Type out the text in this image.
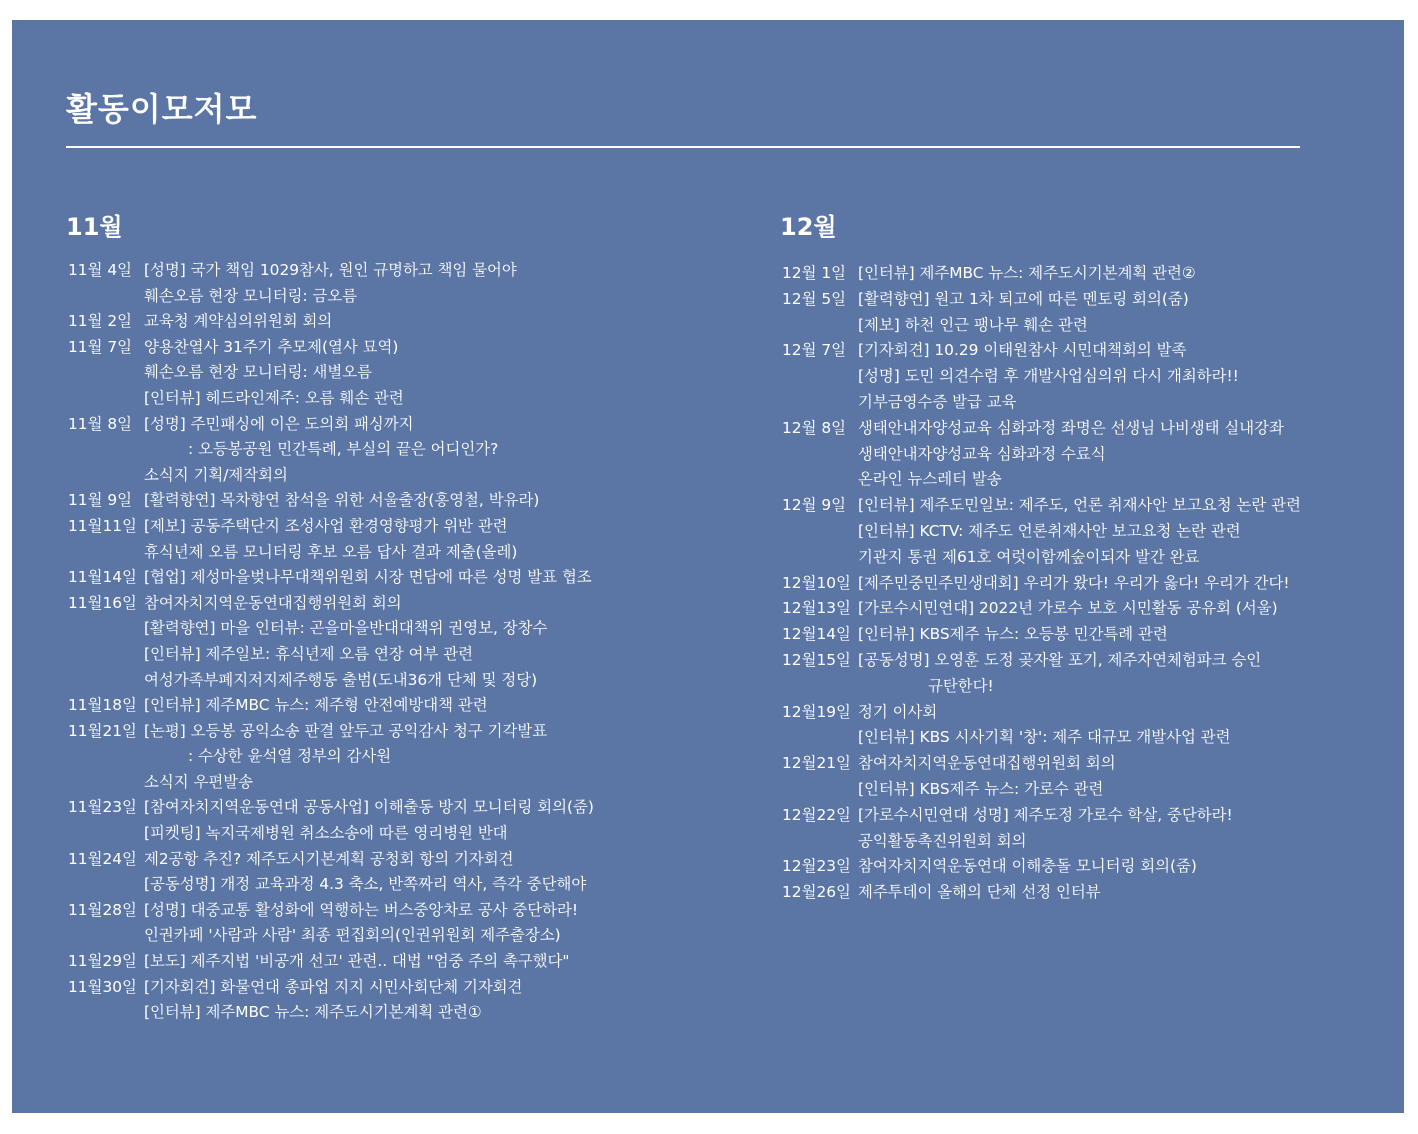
활동이모저모
11월
11월 4일 [성명] 국가 책임 1029참사, 원인 규명하고 책임 물어야
훼손오름 현장 모니터링: 금오름
11월 2일 교육청 계약심의위원회 회의
11월 7일 양용찬열사 31주기 추모제(열사 묘역)
훼손오름 현장 모니터링: 새별오름
[인터뷰] 헤드라인제주: 오름 훼손 관련
11월 8일 [성명] 주민패싱에 이은 도의회 패싱까지
: 오등봉공원 민간특례, 부실의 끝은 어디인가?
소식지 기획/제작회의
11월 9일 [활력향연] 목차향연 참석을 위한 서울출장(홍영철, 박유라)
11월11일 [제보] 공동주택단지 조성사업 환경영향평가 위반 관련
휴식년제 오름 모니터링 후보 오름 답사 결과 제출(올레)
11월14일 [협업] 제성마을벚나무대책위원회 시장 면담에 따른 성명 발표 협조
11월16일 참여자치지역운동연대집행위원회 회의
[활력향연] 마을 인터뷰: 곤을마을반대대책위 권영보, 장창수
[인터뷰] 제주일보: 휴식년제 오름 연장 여부 관련
여성가족부폐지저지제주행동 출범(도내36개 단체 및 정당)
11월18일 [인터뷰] 제주MBC 뉴스: 제주형 안전예방대책 관련
11월21일 [논평] 오등봉 공익소송 판결 앞두고 공익감사 청구 기각발표
: 수상한 윤석열 정부의 감사원
소식지 우편발송
11월23일 [참여자치지역운동연대 공동사업] 이해출동 방지 모니터링 회의(줌)
[피켓팅] 녹지국제병원 취소소송에 따른 영리병원 반대
11월24일 제2공항 추진? 제주도시기본계획 공청회 항의 기자회견
[공동성명] 개정 교육과정 4.3 축소, 반쪽짜리 역사, 즉각 중단해야
11월28일 [성명] 대중교통 활성화에 역행하는 버스중앙차로 공사 중단하라!
인권카페 '사람과 사람' 최종 편집회의(인권위원회 제주출장소)
11월29일 [보도] 제주지법 '비공개 선고' 관련.. 대법 "엄중 주의 촉구했다"
11월30일 [기자회견] 화물연대 총파업 지지 시민사회단체 기자회견
[인터뷰] 제주MBC 뉴스: 제주도시기본계획 관련①
12월
12월 1일 [인터뷰] 제주MBC 뉴스: 제주도시기본계획 관련②
12월 5일 [활력향연] 원고 1차 퇴고에 따른 멘토링 회의(줌)
[제보] 하천 인근 팽나무 훼손 관련
12월 7일 [기자회견] 10.29 이태원참사 시민대책회의 발족
[성명] 도민 의견수렴 후 개발사업심의위 다시 개최하라!!
기부금영수증 발급 교육
12월 8일 생태안내자양성교육 심화과정 좌명은 선생님 나비생태 실내강좌
생태안내자양성교육 심화과정 수료식
온라인 뉴스레터 발송
12월 9일 [인터뷰] 제주도민일보: 제주도, 언론 취재사안 보고요청 논란 관련
[인터뷰] KCTV: 제주도 언론취재사안 보고요청 논란 관련
기관지 통권 제61호 여럿이함께숲이되자 발간 완료
12월10일 [제주민중민주민생대회] 우리가 왔다! 우리가 옳다! 우리가 간다!
12월13일 [가로수시민연대] 2022년 가로수 보호 시민활동 공유회 (서울)
12월14일 [인터뷰] KBS제주 뉴스: 오등봉 민간특례 관련
12월15일 [공동성명] 오영훈 도정 곶자왈 포기, 제주자연체험파크 승인
규탄한다!
12월19일 정기 이사회
[인터뷰] KBS 시사기획 '창': 제주 대규모 개발사업 관련
12월21일 참여자치지역운동연대집행위원회 회의
[인터뷰] KBS제주 뉴스: 가로수 관련
12월22일 [가로수시민연대 성명] 제주도정 가로수 학살, 중단하라!
공익활동촉진위원회 회의
12월23일 참여자치지역운동연대 이해충돌 모니터링 회의(줌)
12월26일 제주투데이 올해의 단체 선정 인터뷰
